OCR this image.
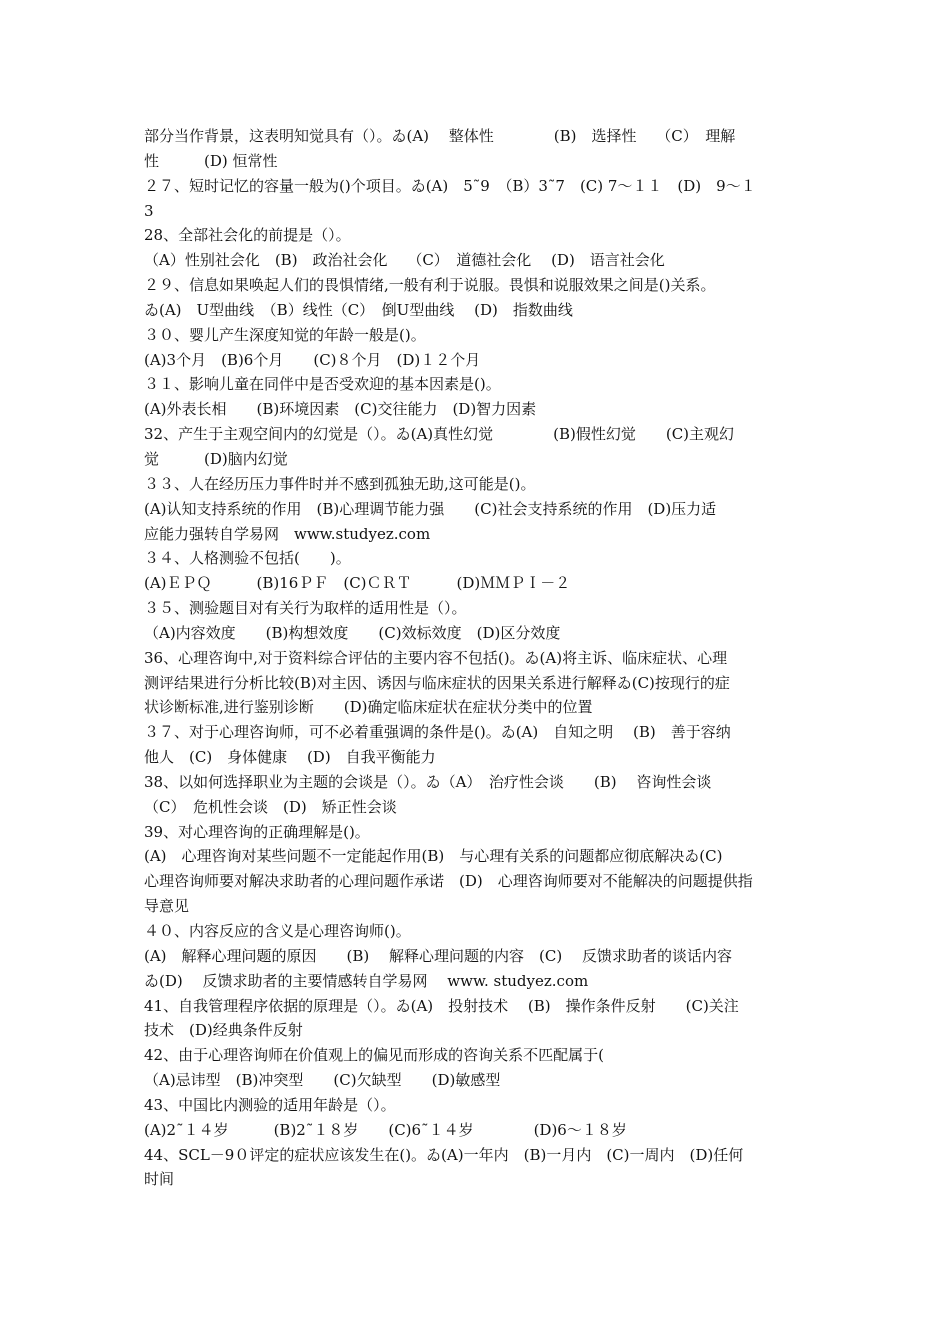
部分当作背景，这表明知觉具有（）。ゐ(A)　 整体性　　　　(B)　选择性　 （C）　理解
性　　　(D) 恒常性
２７、短时记忆的容量一般为()个项目。ゐ(A)　5˜9　（B）3˜7　(C) 7～１１　(D)　9～１
3
28、全部社会化的前提是（）。
（A）性别社会化　(B)　政治社会化　 （C）　道德社会化　 (D)　语言社会化
２９、信息如果唤起人们的畏惧情绪,一般有利于说服。畏惧和说服效果之间是()关系。
ゐ(A)　U型曲线　（B）线性（C）　倒U型曲线　 (D)　指数曲线
３０、婴儿产生深度知觉的年龄一般是()。
(A)3个月　(B)6个月　　(C)８个月　(D)１２个月
３１、影响儿童在同伴中是否受欢迎的基本因素是()。
(A)外表长相　　(B)环境因素　(C)交往能力　(D)智力因素
32、产生于主观空间内的幻觉是（）。ゐ(A)真性幻觉　　　　(B)假性幻觉　　(C)主观幻
觉　　　(D)脑内幻觉
３３、人在经历压力事件时并不感到孤独无助,这可能是()。
(A)认知支持系统的作用　(B)心理调节能力强　　(C)社会支持系统的作用　(D)压力适
应能力强转自学易网　www.studyez.com
３４、人格测验不包括(　　)。
(A)ＥＰＱ　　　(B)16ＰＦ　(C)ＣＲＴ　　　(D)ＭＭＰＩ－２
３５、测验题目对有关行为取样的适用性是（）。
（A)内容效度　　(B)构想效度　　(C)效标效度　(D)区分效度
36、心理咨询中,对于资料综合评估的主要内容不包括()。ゐ(A)将主诉、临床症状、心理
测评结果进行分析比较(B)对主因、诱因与临床症状的因果关系进行解释ゐ(C)按现行的症
状诊断标准,进行鉴别诊断　　(D)确定临床症状在症状分类中的位置
３７、对于心理咨询师，可不必着重强调的条件是()。ゐ(A)　自知之明　 (B)　善于容纳
他人　(C)　身体健康　 (D)　自我平衡能力
38、以如何选择职业为主题的会谈是（）。ゐ（A）　治疗性会谈　　(B)　 咨询性会谈
（C）　危机性会谈　(D)　矫正性会谈
39、对心理咨询的正确理解是()。
(A)　心理咨询对某些问题不一定能起作用(B)　与心理有关系的问题都应彻底解决ゐ(C)
心理咨询师要对解决求助者的心理问题作承诺　(D)　心理咨询师要对不能解决的问题提供指
导意见
４０、内容反应的含义是心理咨询师()。
(A)　解释心理问题的原因　　(B)　 解释心理问题的内容　(C)　 反馈求助者的谈话内容
ゐ(D)　 反馈求助者的主要情感转自学易网　 www. studyez.com
41、自我管理程序依据的原理是（）。ゐ(A)　投射技术　 (B)　操作条件反射　　(C)关注
技术　(D)经典条件反射
42、由于心理咨询师在价值观上的偏见而形成的咨询关系不匹配属于(
（A)忌讳型　(B)冲突型　　(C)欠缺型　　(D)敏感型
43、中国比内测验的适用年龄是（）。
(A)2˜１４岁　　　(B)2˜１８岁　　(C)6˜１４岁　　　　(D)6～１８岁
44、SCL－9０评定的症状应该发生在()。ゐ(A)一年内　(B)一月内　(C)一周内　(D)任何
时间
